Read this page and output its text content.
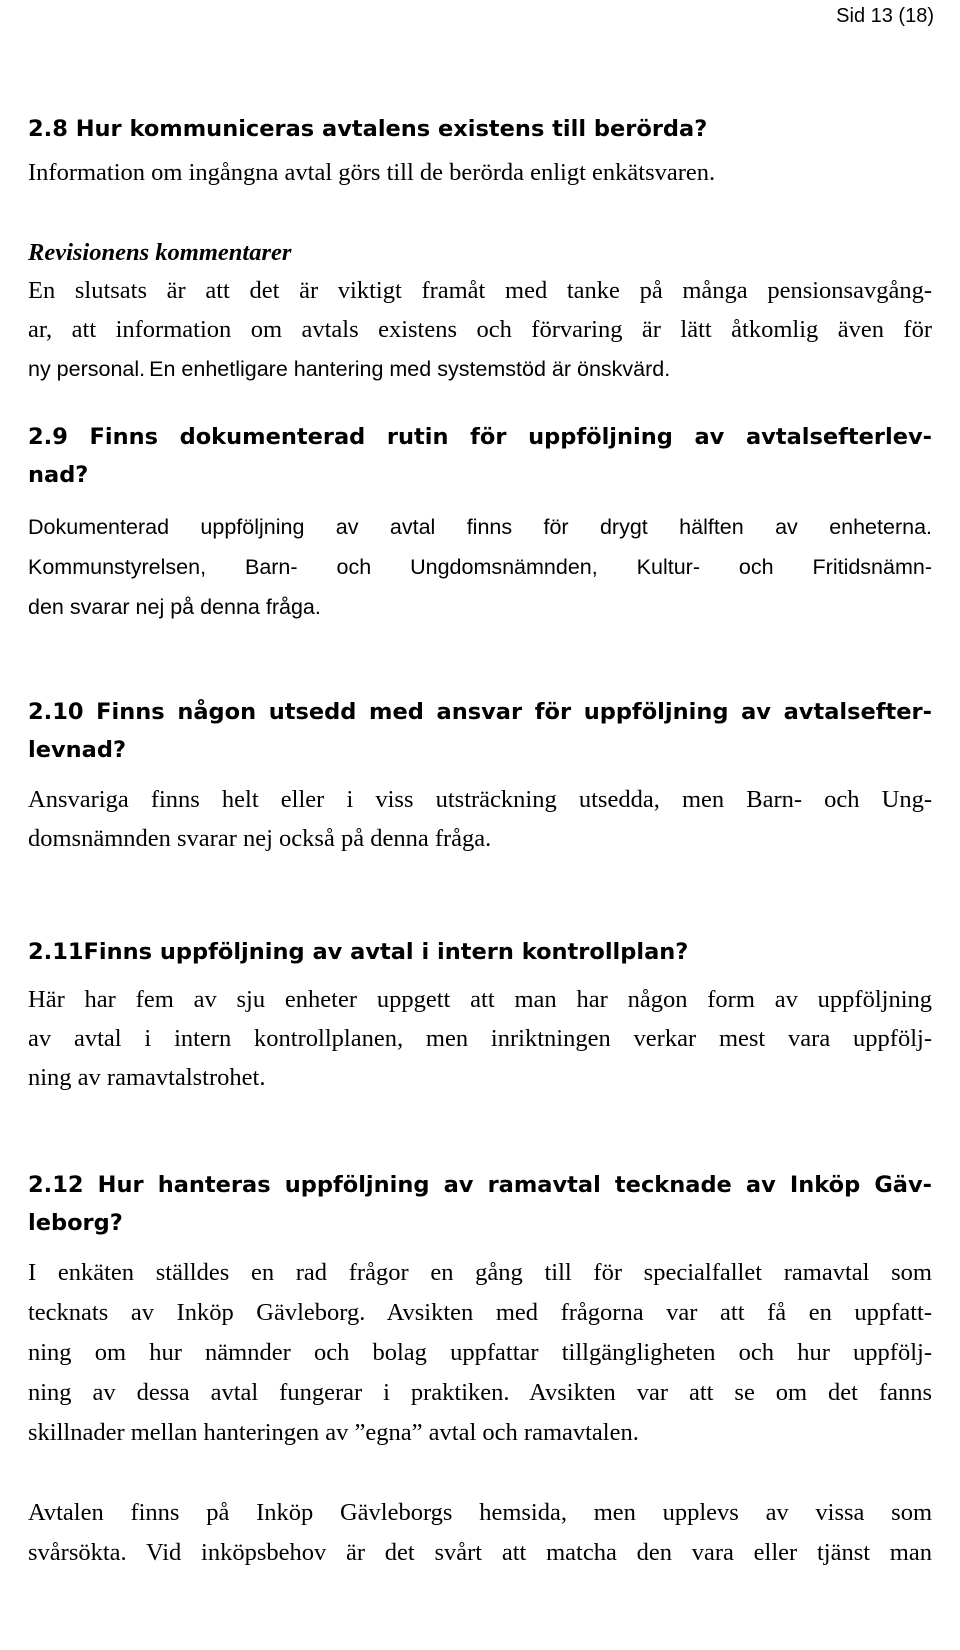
Sid 13 (18)
2.8 Hur kommuniceras avtalens existens till berörda?
Information om ingångna avtal görs till de berörda enligt enkätsvaren.
Revisionens kommentarer
En slutsats är att det är viktigt framåt med tanke på många pensionsavgång-
ar, att information om avtals existens och förvaring är lätt åtkomlig även för
ny personal. En enhetligare hantering med systemstöd är önskvärd.
2.9 Finns dokumenterad rutin för uppföljning av avtalsefterlev-
nad?
Dokumenterad uppföljning av avtal finns för drygt hälften av enheterna.
Kommunstyrelsen, Barn- och Ungdomsnämnden, Kultur- och Fritidsnämn-
den svarar nej på denna fråga.
2.10 Finns någon utsedd med ansvar för uppföljning av avtalsefter-
levnad?
Ansvariga finns helt eller i viss utsträckning utsedda, men Barn- och Ung-
domsnämnden svarar nej också på denna fråga.
2.11Finns uppföljning av avtal i intern kontrollplan?
Här har fem av sju enheter uppgett att man har någon form av uppföljning
av avtal i intern kontrollplanen, men inriktningen verkar mest vara uppfölj-
ning av ramavtalstrohet.
2.12 Hur hanteras uppföljning av ramavtal tecknade av Inköp Gäv-
leborg?
I enkäten ställdes en rad frågor en gång till för specialfallet ramavtal som
tecknats av Inköp Gävleborg. Avsikten med frågorna var att få en uppfatt-
ning om hur nämnder och bolag uppfattar tillgängligheten och hur uppfölj-
ning av dessa avtal fungerar i praktiken. Avsikten var att se om det fanns
skillnader mellan hanteringen av ”egna” avtal och ramavtalen.
Avtalen finns på Inköp Gävleborgs hemsida, men upplevs av vissa som
svårsökta. Vid inköpsbehov är det svårt att matcha den vara eller tjänst man
